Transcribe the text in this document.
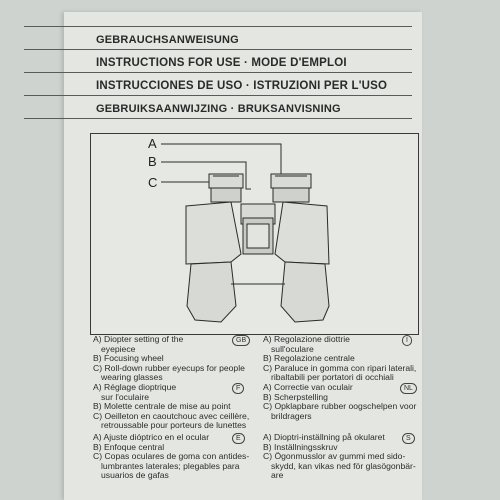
GEBRAUCHSANWEISUNG
INSTRUCTIONS FOR USE · MODE D'EMPLOI
INSTRUCCIONES DE USO · ISTRUZIONI PER L'USO
GEBRUIKSAANWIJZING · BRUKSANVISNING
A
B
C
A) Diopter setting of the
eyepiece
B) Focusing wheel
C) Roll-down rubber eyecups for people
wearing glasses
GB
A) Réglage dioptrique
sur l'oculaire
B) Molette centrale de mise au point
C) Oeilleton en caoutchouc avec ceillère,
retroussable pour porteurs de lunettes
F
A) Ajuste dióptrico en el ocular
B) Enfoque central
C) Copas oculares de goma con antides-
lumbrantes laterales; plegables para
usuarios de gafas
E
A) Regolazione diottrie
sull'oculare
B) Regolazione centrale
C) Paraluce in gomma con ripari laterali,
ribaltabili per portatori di occhiali
I
A) Correctie van oculair
B) Scherpstelling
C) Opklapbare rubber oogschelpen voor
brildragers
NL
A) Dioptri-inställning på okularet
B) Inställningsskruv
C) Ögonmusslor av gummi med sido-
skydd, kan vikas ned för glasögonbär-
are
S
